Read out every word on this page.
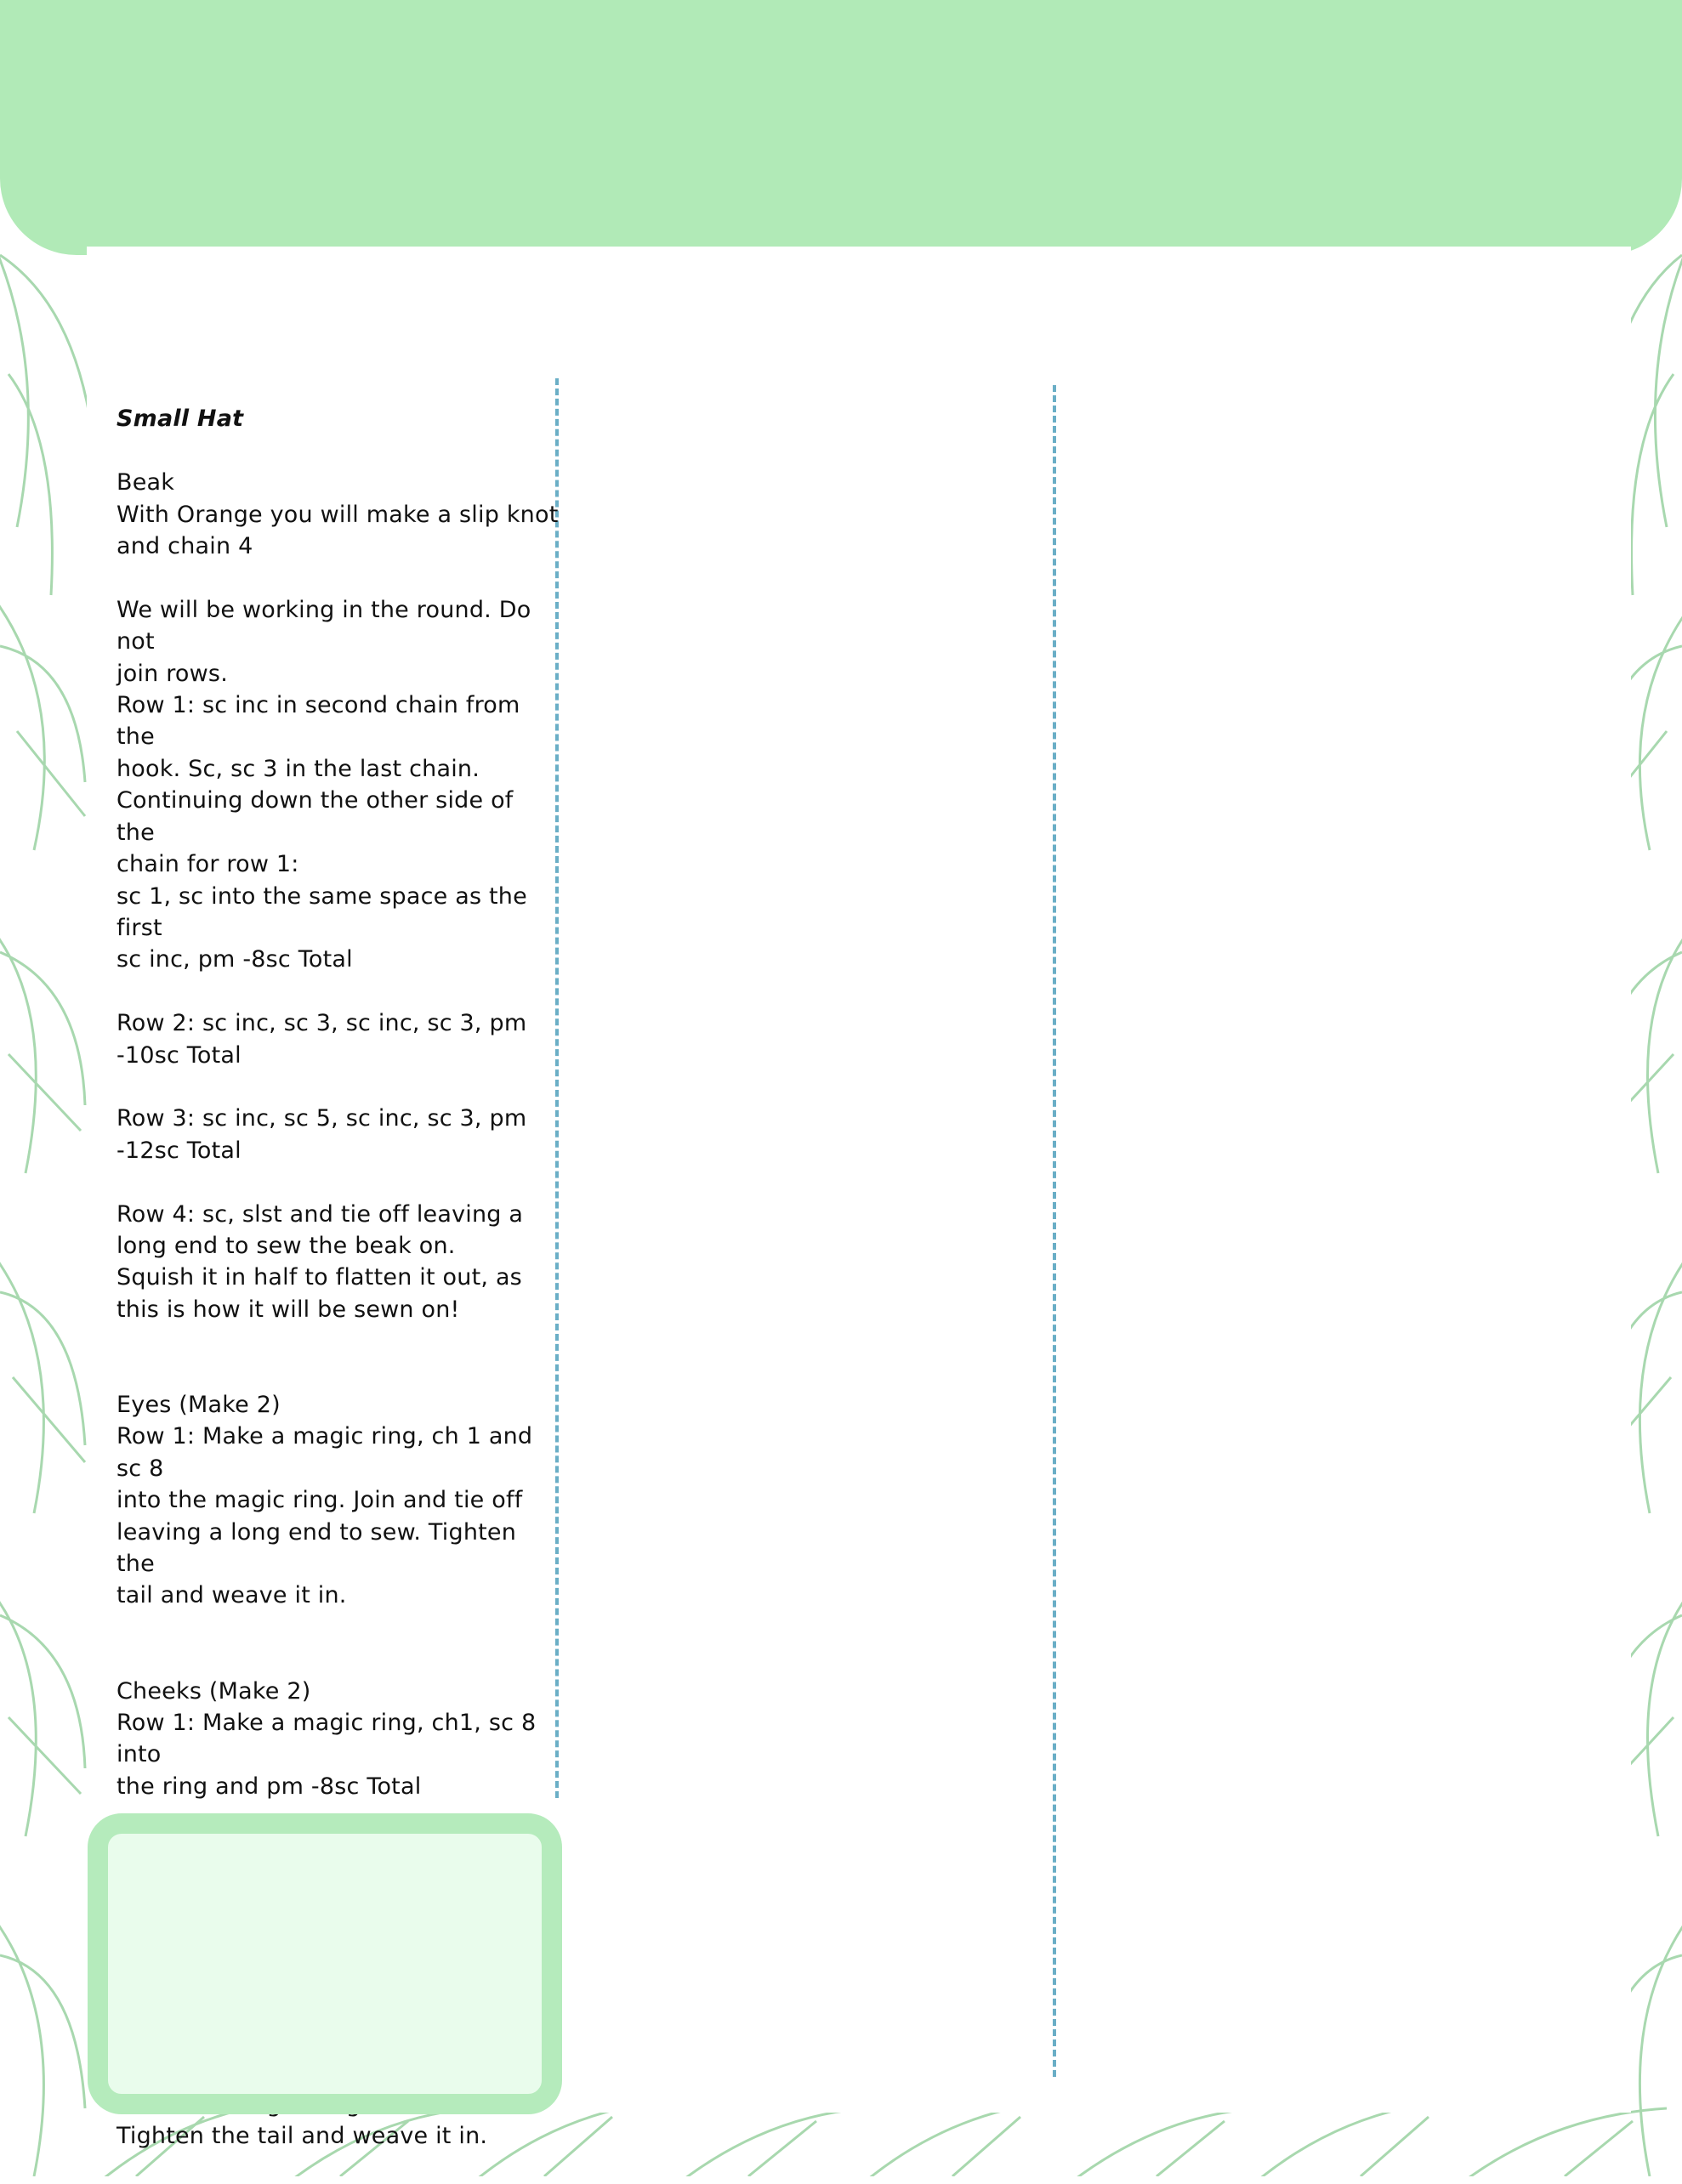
Small Hat

Beak
With Orange you will make a slip knot
and chain 4

We will be working in the round. Do not
join rows.
Row 1: sc inc in second chain from the
hook. Sc, sc 3 in the last chain.
Continuing down the other side of the
chain for row 1:
sc 1, sc into the same space as the first
sc inc, pm -8sc Total

Row 2: sc inc, sc 3, sc inc, sc 3, pm
-10sc Total

Row 3: sc inc, sc 5, sc inc, sc 3, pm
-12sc Total

Row 4: sc, slst and tie off leaving a
long end to sew the beak on.
Squish it in half to flatten it out, as
this is how it will be sewn on!

Eyes (Make 2)
Row 1: Make a magic ring, ch 1 and sc 8
into the magic ring. Join and tie off
leaving a long end to sew. Tighten the
tail and weave it in.

Cheeks (Make 2)
Row 1: Make a magic ring, ch1, sc 8 into
the ring and pm -8sc Total

Tighten the tail and weave it in.
